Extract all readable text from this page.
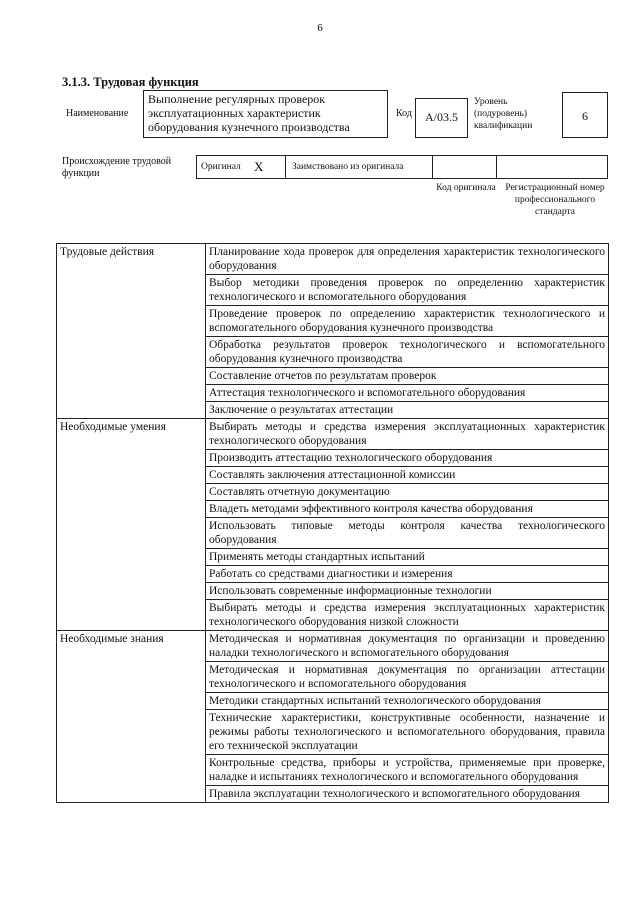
6
3.1.3. Трудовая функция
Наименование
Выполнение регулярных проверок эксплуатационных характеристик оборудования кузнечного производства
Код	A/03.5
Уровень (подуровень) квалификации
6
Происхождение трудовой функции
Оригинал X	Заимствовано из оригинала
Код оригинала Регистрационный номер профессионального стандарта
Трудовые действия	Планирование хода проверок для определения характеристик технологического оборудования
	Выбор методики проведения проверок по определению характеристик технологического и вспомогательного оборудования
	Проведение проверок по определению характеристик технологического и вспомогательного оборудования кузнечного производства
	Обработка результатов проверок технологического и вспомогательного оборудования кузнечного производства
	Составление отчетов по результатам проверок
	Аттестация технологического и вспомогательного оборудования
	Заключение о результатах аттестации
Необходимые умения	Выбирать методы и средства измерения эксплуатационных характеристик технологического оборудования
	Производить аттестацию технологического оборудования
	Составлять заключения аттестационной комиссии
	Составлять отчетную документацию
	Владеть методами эффективного контроля качества оборудования
	Использовать типовые методы контроля качества технологического оборудования
	Применять методы стандартных испытаний
	Работать со средствами диагностики и измерения
	Использовать современные информационные технологии
	Выбирать методы и средства измерения эксплуатационных характеристик технологического оборудования низкой сложности
Необходимые знания	Методическая и нормативная документация по организации и проведению наладки технологического и вспомогательного оборудования
	Методическая и нормативная документация по организации аттестации технологического и вспомогательного оборудования
	Методики стандартных испытаний технологического оборудования
	Технические характеристики, конструктивные особенности, назначение и режимы работы технологического и вспомогательного оборудования, правила его технической эксплуатации
	Контрольные средства, приборы и устройства, применяемые при проверке, наладке и испытаниях технологического и вспомогательного оборудования
	Правила эксплуатации технологического и вспомогательного оборудования
